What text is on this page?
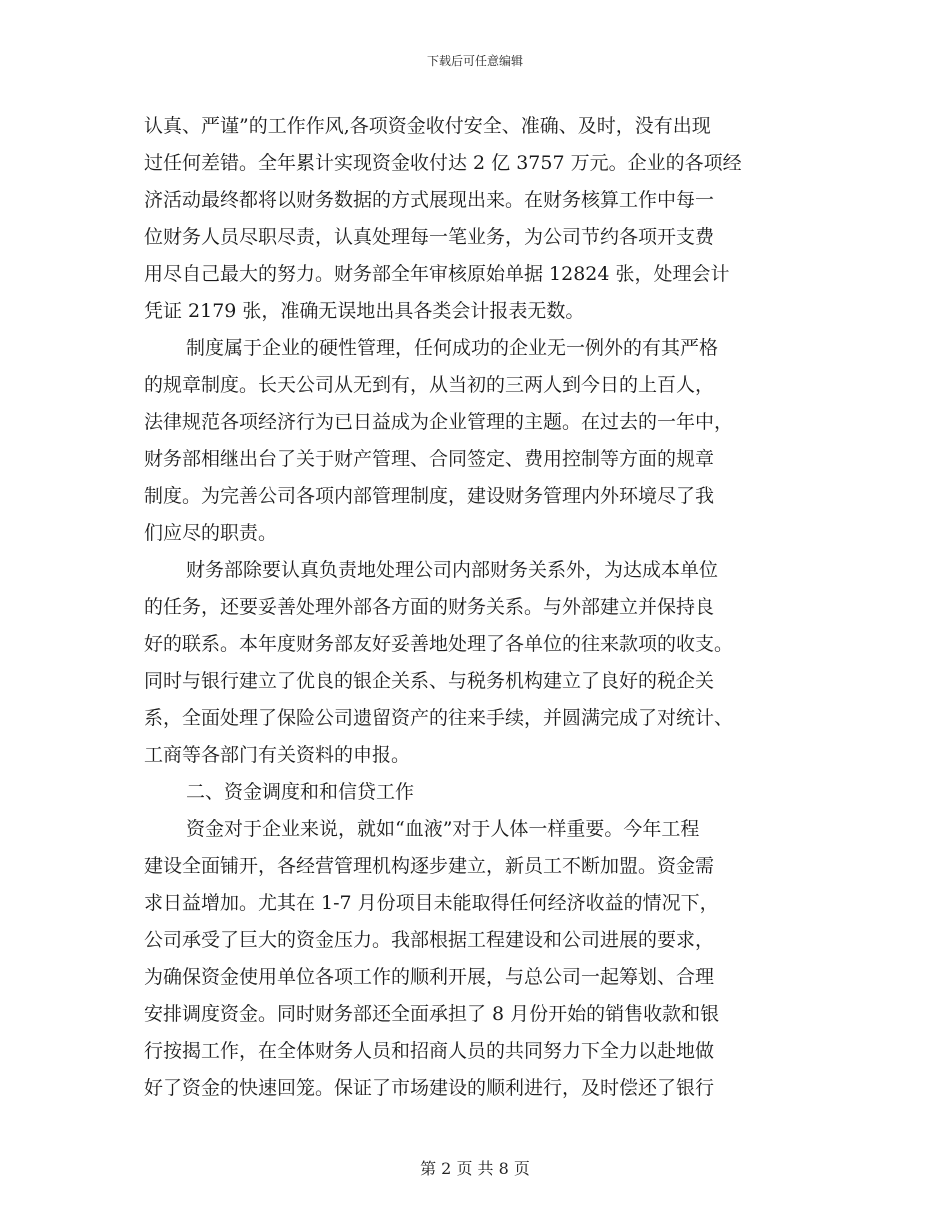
下载后可任意编辑
认真、严谨”的工作作风,各项资金收付安全、准确、及时，没有出现
过任何差错。全年累计实现资金收付达 2 亿 3757 万元。企业的各项经
济活动最终都将以财务数据的方式展现出来。在财务核算工作中每一
位财务人员尽职尽责，认真处理每一笔业务，为公司节约各项开支费
用尽自己最大的努力。财务部全年审核原始单据 12824 张，处理会计
凭证 2179 张，准确无误地出具各类会计报表无数。
制度属于企业的硬性管理，任何成功的企业无一例外的有其严格
的规章制度。长天公司从无到有，从当初的三两人到今日的上百人，
法律规范各项经济行为已日益成为企业管理的主题。在过去的一年中，
财务部相继出台了关于财产管理、合同签定、费用控制等方面的规章
制度。为完善公司各项内部管理制度，建设财务管理内外环境尽了我
们应尽的职责。
财务部除要认真负责地处理公司内部财务关系外，为达成本单位
的任务，还要妥善处理外部各方面的财务关系。与外部建立并保持良
好的联系。本年度财务部友好妥善地处理了各单位的往来款项的收支。
同时与银行建立了优良的银企关系、与税务机构建立了良好的税企关
系，全面处理了保险公司遗留资产的往来手续，并圆满完成了对统计、
工商等各部门有关资料的申报。
二、资金调度和和信贷工作
资金对于企业来说，就如“血液”对于人体一样重要。今年工程
建设全面铺开，各经营管理机构逐步建立，新员工不断加盟。资金需
求日益增加。尤其在 1-7 月份项目未能取得任何经济收益的情况下，
公司承受了巨大的资金压力。我部根据工程建设和公司进展的要求，
为确保资金使用单位各项工作的顺利开展，与总公司一起筹划、合理
安排调度资金。同时财务部还全面承担了 8 月份开始的销售收款和银
行按揭工作，在全体财务人员和招商人员的共同努力下全力以赴地做
好了资金的快速回笼。保证了市场建设的顺利进行，及时偿还了银行
第 2 页 共 8 页
